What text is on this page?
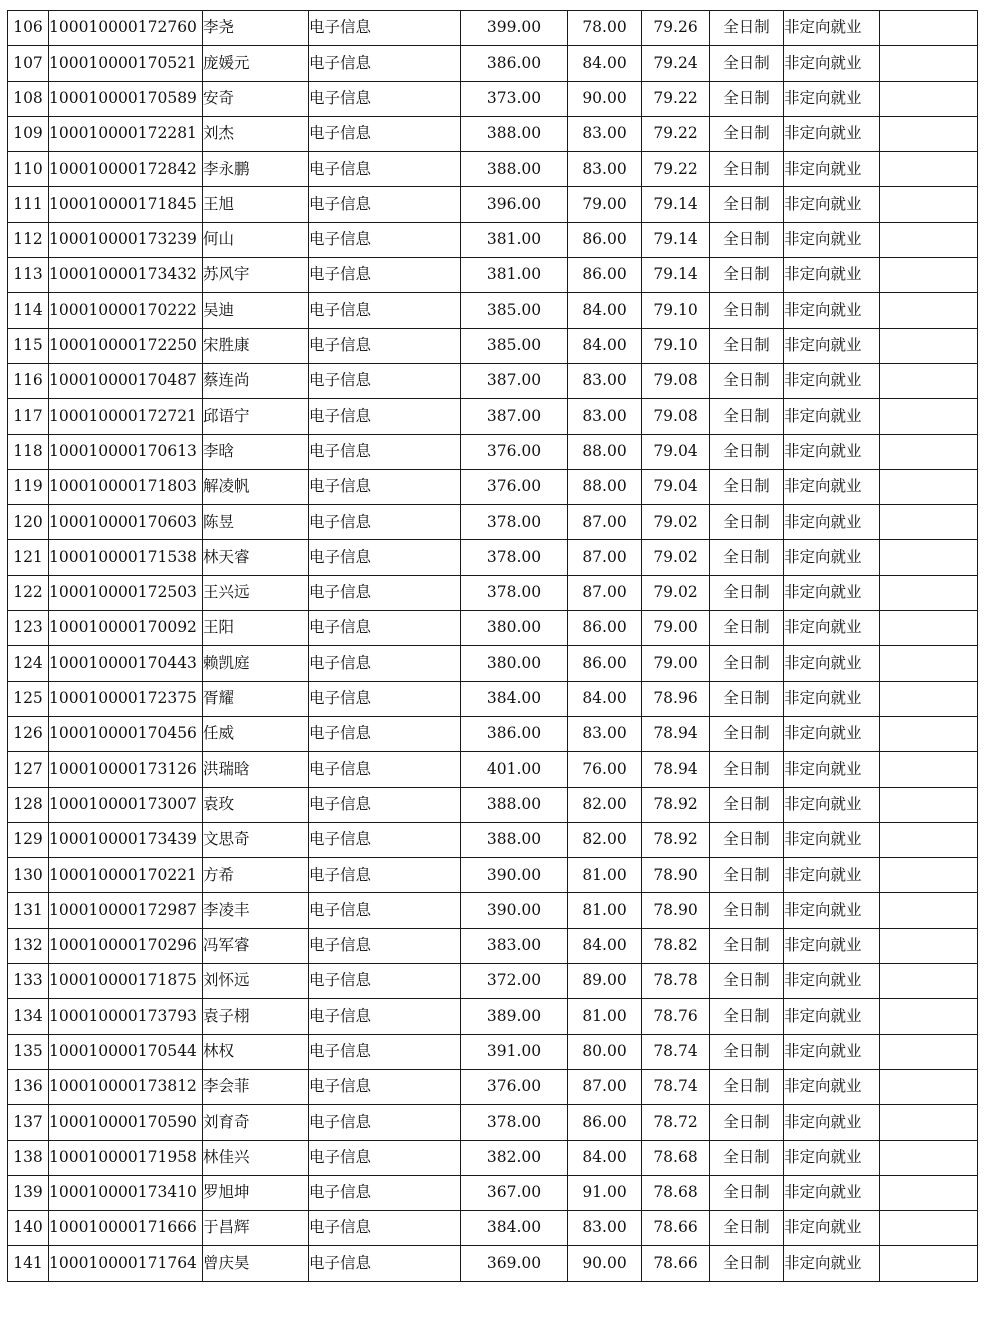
106	100010000172760	李尧	电子信息	399.00	78.00	79.26	全日制	非定向就业	
107	100010000170521	庞媛元	电子信息	386.00	84.00	79.24	全日制	非定向就业	
108	100010000170589	安奇	电子信息	373.00	90.00	79.22	全日制	非定向就业	
109	100010000172281	刘杰	电子信息	388.00	83.00	79.22	全日制	非定向就业	
110	100010000172842	李永鹏	电子信息	388.00	83.00	79.22	全日制	非定向就业	
111	100010000171845	王旭	电子信息	396.00	79.00	79.14	全日制	非定向就业	
112	100010000173239	何山	电子信息	381.00	86.00	79.14	全日制	非定向就业	
113	100010000173432	苏风宇	电子信息	381.00	86.00	79.14	全日制	非定向就业	
114	100010000170222	吴迪	电子信息	385.00	84.00	79.10	全日制	非定向就业	
115	100010000172250	宋胜康	电子信息	385.00	84.00	79.10	全日制	非定向就业	
116	100010000170487	蔡连尚	电子信息	387.00	83.00	79.08	全日制	非定向就业	
117	100010000172721	邱语宁	电子信息	387.00	83.00	79.08	全日制	非定向就业	
118	100010000170613	李晗	电子信息	376.00	88.00	79.04	全日制	非定向就业	
119	100010000171803	解凌帆	电子信息	376.00	88.00	79.04	全日制	非定向就业	
120	100010000170603	陈昱	电子信息	378.00	87.00	79.02	全日制	非定向就业	
121	100010000171538	林天睿	电子信息	378.00	87.00	79.02	全日制	非定向就业	
122	100010000172503	王兴远	电子信息	378.00	87.00	79.02	全日制	非定向就业	
123	100010000170092	王阳	电子信息	380.00	86.00	79.00	全日制	非定向就业	
124	100010000170443	赖凯庭	电子信息	380.00	86.00	79.00	全日制	非定向就业	
125	100010000172375	胥耀	电子信息	384.00	84.00	78.96	全日制	非定向就业	
126	100010000170456	任威	电子信息	386.00	83.00	78.94	全日制	非定向就业	
127	100010000173126	洪瑞晗	电子信息	401.00	76.00	78.94	全日制	非定向就业	
128	100010000173007	袁玫	电子信息	388.00	82.00	78.92	全日制	非定向就业	
129	100010000173439	文思奇	电子信息	388.00	82.00	78.92	全日制	非定向就业	
130	100010000170221	方希	电子信息	390.00	81.00	78.90	全日制	非定向就业	
131	100010000172987	李凌丰	电子信息	390.00	81.00	78.90	全日制	非定向就业	
132	100010000170296	冯军睿	电子信息	383.00	84.00	78.82	全日制	非定向就业	
133	100010000171875	刘怀远	电子信息	372.00	89.00	78.78	全日制	非定向就业	
134	100010000173793	袁子栩	电子信息	389.00	81.00	78.76	全日制	非定向就业	
135	100010000170544	林权	电子信息	391.00	80.00	78.74	全日制	非定向就业	
136	100010000173812	李会菲	电子信息	376.00	87.00	78.74	全日制	非定向就业	
137	100010000170590	刘育奇	电子信息	378.00	86.00	78.72	全日制	非定向就业	
138	100010000171958	林佳兴	电子信息	382.00	84.00	78.68	全日制	非定向就业	
139	100010000173410	罗旭坤	电子信息	367.00	91.00	78.68	全日制	非定向就业	
140	100010000171666	于昌辉	电子信息	384.00	83.00	78.66	全日制	非定向就业	
141	100010000171764	曾庆昊	电子信息	369.00	90.00	78.66	全日制	非定向就业	
